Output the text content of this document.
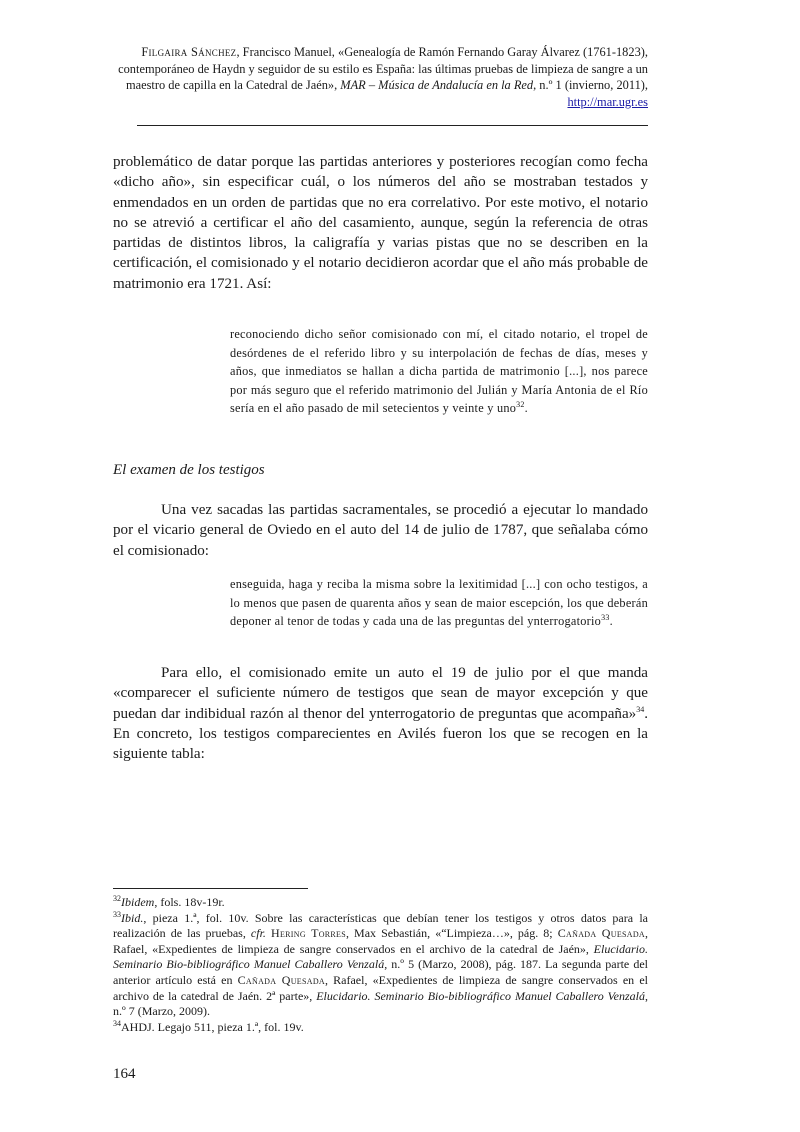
Filgaira Sánchez, Francisco Manuel, «Genealogía de Ramón Fernando Garay Álvarez (1761-1823), contemporáneo de Haydn y seguidor de su estilo es España: las últimas pruebas de limpieza de sangre a un maestro de capilla en la Catedral de Jaén», MAR – Música de Andalucía en la Red, n.º 1 (invierno, 2011), http://mar.ugr.es

problemático de datar porque las partidas anteriores y posteriores recogían como fecha «dicho año», sin especificar cuál, o los números del año se mostraban testados y enmendados en un orden de partidas que no era correlativo. Por este motivo, el notario no se atrevió a certificar el año del casamiento, aunque, según la referencia de otras partidas de distintos libros, la caligrafía y varias pistas que no se describen en la certificación, el comisionado y el notario decidieron acordar que el año más probable de matrimonio era 1721. Así:

reconociendo dicho señor comisionado con mí, el citado notario, el tropel de desórdenes de el referido libro y su interpolación de fechas de días, meses y años, que inmediatos se hallan a dicha partida de matrimonio [...], nos parece por más seguro que el referido matrimonio del Julián y María Antonia de el Río sería en el año pasado de mil setecientos y veinte y uno$^{32}$.

El examen de los testigos

Una vez sacadas las partidas sacramentales, se procedió a ejecutar lo mandado por el vicario general de Oviedo en el auto del 14 de julio de 1787, que señalaba cómo el comisionado:

enseguida, haga y reciba la misma sobre la lexitimidad [...] con ocho testigos, a lo menos que pasen de quarenta años y sean de maior escepción, los que deberán deponer al tenor de todas y cada una de las preguntas del ynterrogatorio$^{33}$.

Para ello, el comisionado emite un auto el 19 de julio por el que manda «comparecer el suficiente número de testigos que sean de mayor excepción y que puedan dar indibidual razón al thenor del ynterrogatorio de preguntas que acompaña»$^{34}$. En concreto, los testigos comparecientes en Avilés fueron los que se recogen en la siguiente tabla:

$^{32}$Ibidem, fols. 18v-19r.

$^{33}$Ibid., pieza 1.ª, fol. 10v. Sobre las características que debían tener los testigos y otros datos para la realización de las pruebas, cfr. Hering Torres, Max Sebastián, «“Limpieza…», pág. 8; Cañada Quesada, Rafael, «Expedientes de limpieza de sangre conservados en el archivo de la catedral de Jaén», Elucidario. Seminario Bio-bibliográfico Manuel Caballero Venzalá, n.º 5 (Marzo, 2008), pág. 187. La segunda parte del anterior artículo está en Cañada Quesada, Rafael, «Expedientes de limpieza de sangre conservados en el archivo de la catedral de Jaén. 2ª parte», Elucidario. Seminario Bio-bibliográfico Manuel Caballero Venzalá, n.º 7 (Marzo, 2009).

$^{34}$AHDJ. Legajo 511, pieza 1.ª, fol. 19v.

164
